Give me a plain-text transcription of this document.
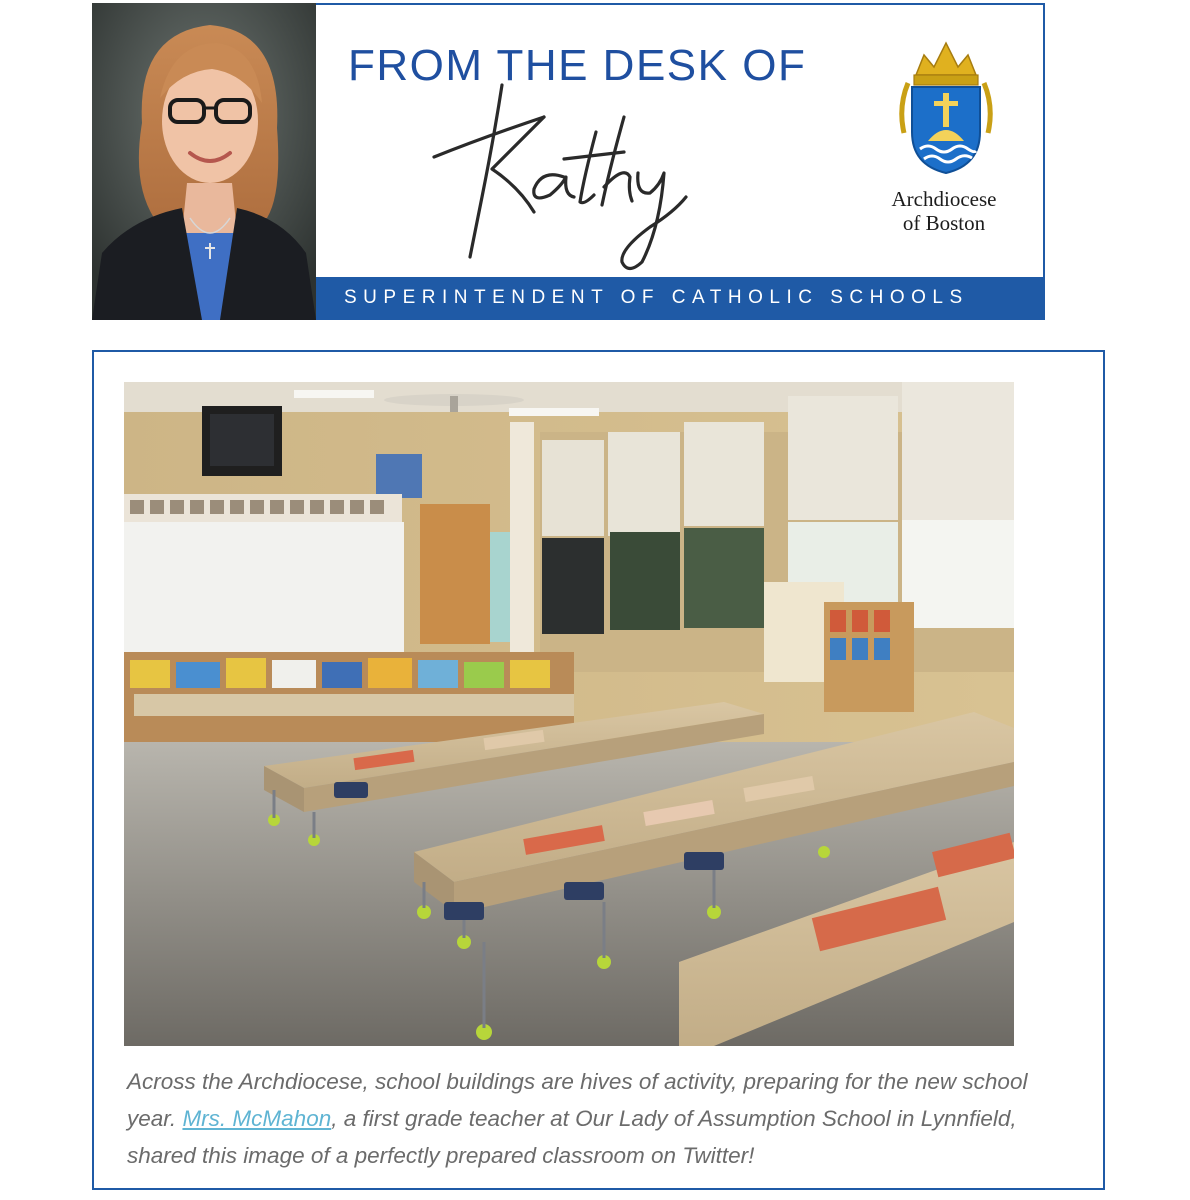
FROM THE DESK OF
Archdiocese
of Boston
SUPERINTENDENT OF CATHOLIC SCHOOLS
Across the Archdiocese, school buildings are hives of activity, preparing for the new school year. Mrs. McMahon, a first grade teacher at Our Lady of Assumption School in Lynnfield, shared this image of a perfectly prepared classroom on Twitter!
